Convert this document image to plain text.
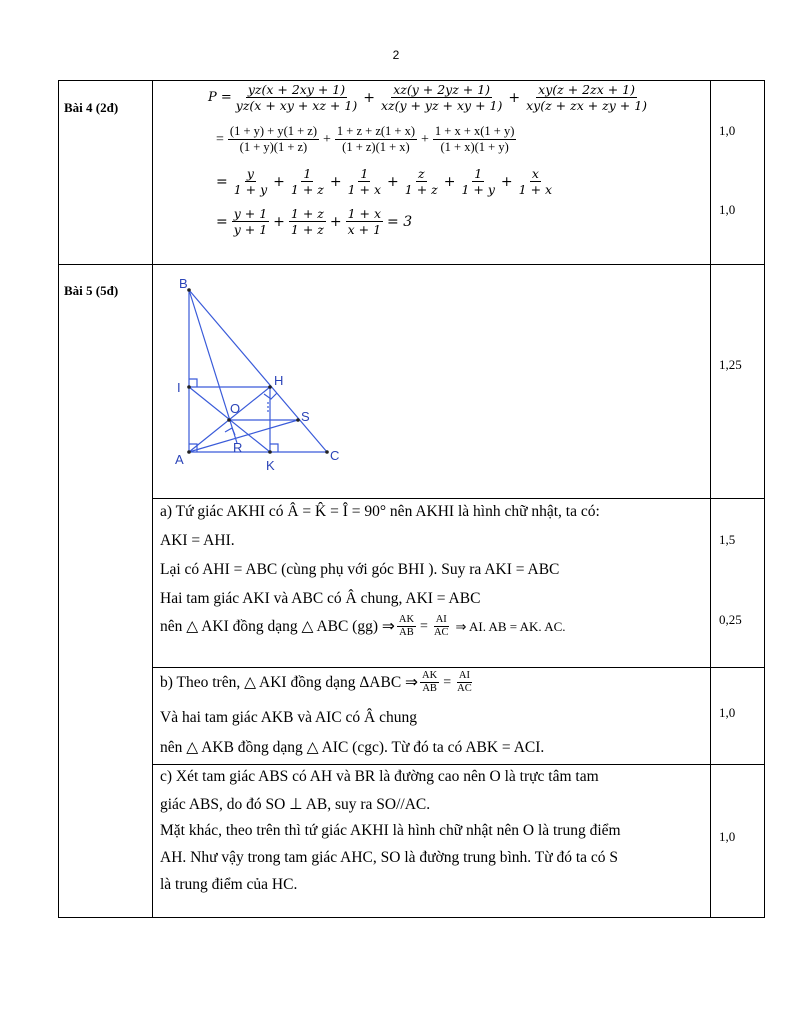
2
Bài 4 (2đ)
1,0
1,0
$P = \frac{yz(x + 2xy + 1)}{yz(x + xy + xz + 1)} + \frac{xz(y + 2yz + 1)}{xz(y + yz + xy + 1)} + \frac{xy(z + 2zx + 1)}{xy(z + zx + zy + 1)}$
= $\frac{(1 + y) + y(1 + z)}{(1 + y)(1 + z)} + \frac{1 + z + z(1 + x)}{(1 + z)(1 + x)} + \frac{1 + x + x(1 + y)}{(1 + x)(1 + y)}$
= $\frac{y}{1 + y} + \frac{1}{1 + z} + \frac{1}{1 + x} + \frac{z}{1 + z} + \frac{1}{1 + y} + \frac{x}{1 + x}$
= $\frac{y + 1}{y + 1} + \frac{1 + z}{1 + z} + \frac{1 + x}{x + 1} = 3$
Bài 5 (5đ)
1,25
B
I	H
O
S
A
R
K
C
1,5
0,25
a) Tứ giác AKHI có Â = K̂ = Î = 90° nên AKHI là hình chữ nhật, ta có:
AKI = AHI.
Lại có AHI = ABC (cùng phụ với góc BHI ). Suy ra AKI = ABC
Hai tam giác AKI và ABC có Â chung, AKI = ABC
nên △ AKI đồng dạng △ ABC (gg) ⇒ $\frac{AK}{AB} = \frac{AI}{AC}$ ⇒ AI. AB = AK. AC.
1,0
b) Theo trên, △ AKI đồng dạng ΔABC ⇒ $\frac{AK}{AB} = \frac{AI}{AC}$
Và hai tam giác AKB và AIC có Â chung
nên △ AKB đồng dạng △ AIC (cgc). Từ đó ta có ABK = ACI.
1,0
c) Xét tam giác ABS có AH và BR là đường cao nên O là trực tâm tam
giác ABS, do đó SO ⊥ AB, suy ra SO//AC.
Mặt khác, theo trên thì tứ giác AKHI là hình chữ nhật nên O là trung điểm
AH. Như vậy trong tam giác AHC, SO là đường trung bình. Từ đó ta có S
là trung điểm của HC.
